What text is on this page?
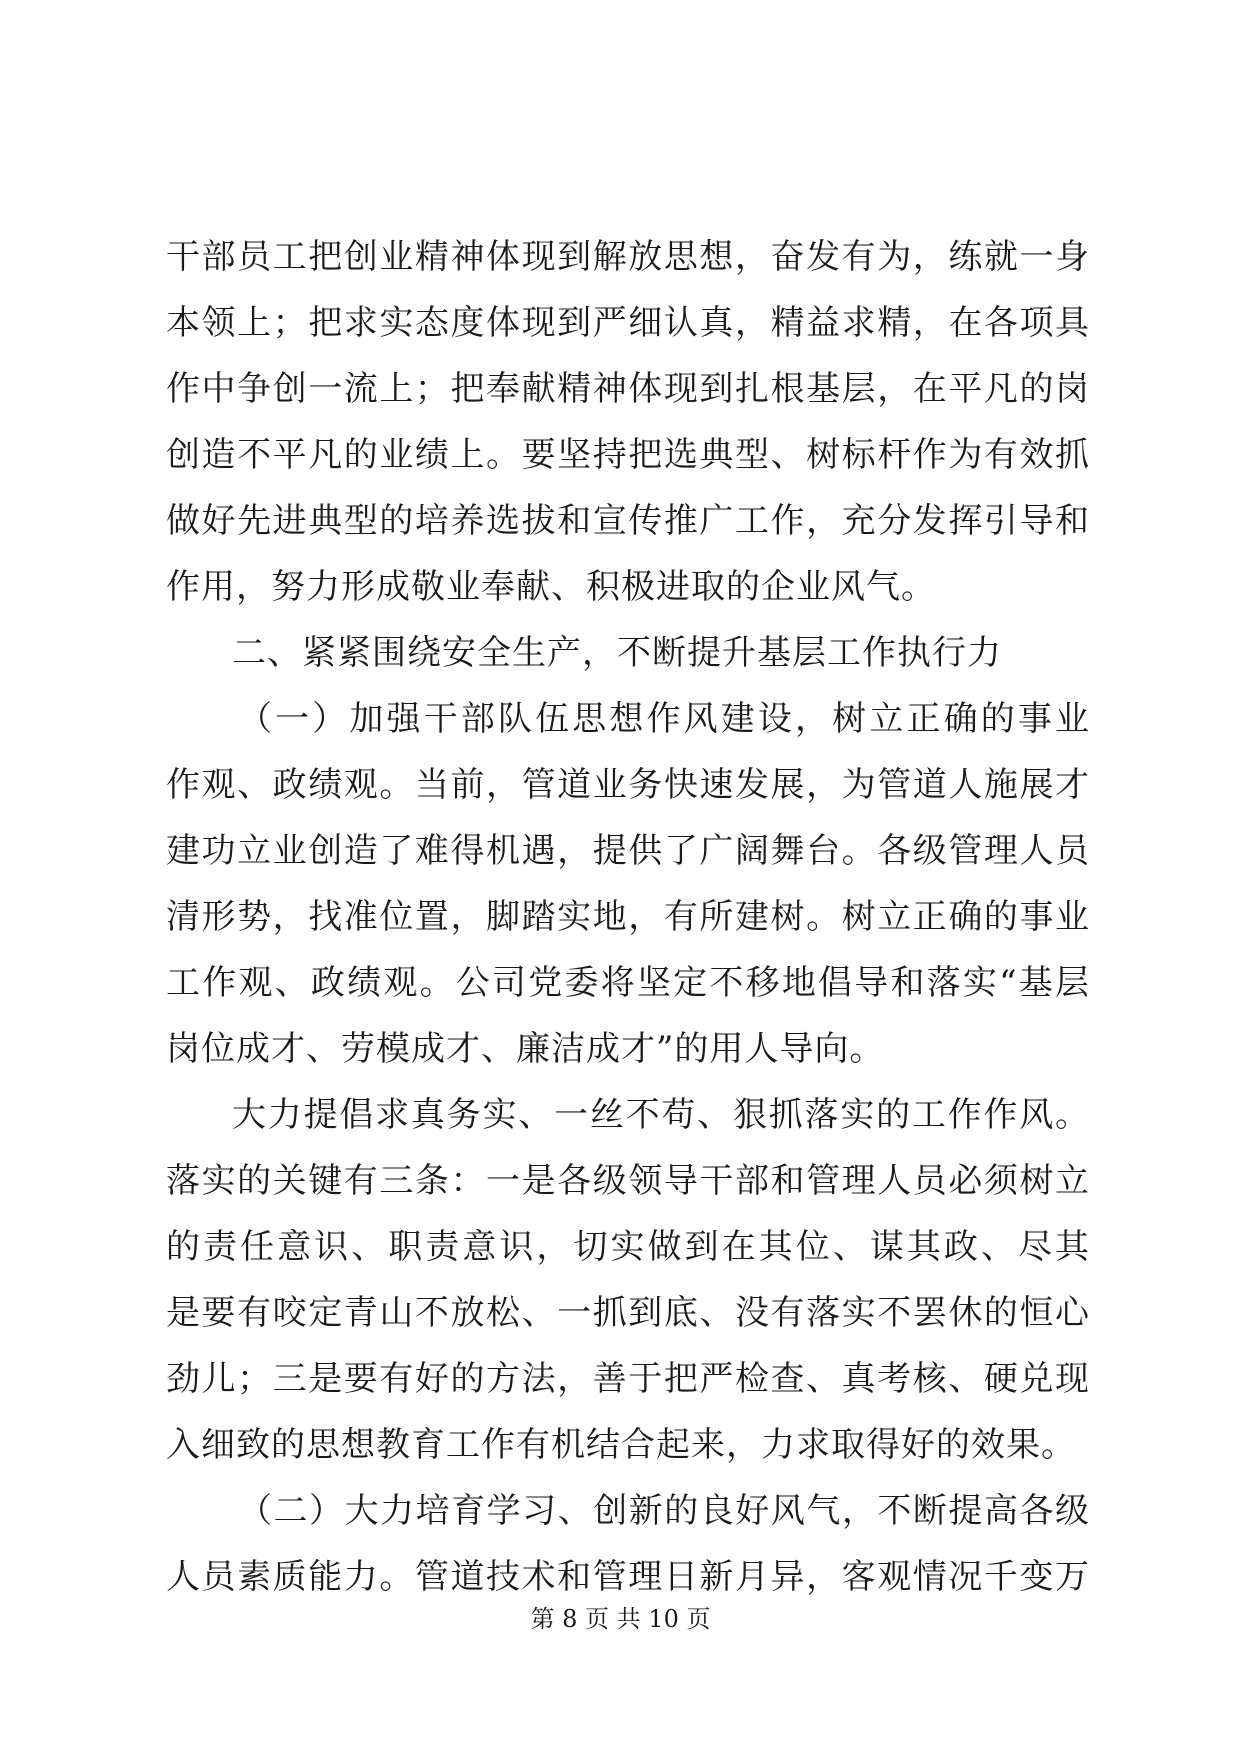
干部员工把创业精神体现到解放思想，奋发有为，练就一身
本领上；把求实态度体现到严细认真，精益求精，在各项具
作中争创一流上；把奉献精神体现到扎根基层，在平凡的岗
创造不平凡的业绩上。要坚持把选典型、树标杆作为有效抓
做好先进典型的培养选拔和宣传推广工作，充分发挥引导和
作用，努力形成敬业奉献、积极进取的企业风气。
二、紧紧围绕安全生产，不断提升基层工作执行力
（一）加强干部队伍思想作风建设，树立正确的事业
作观、政绩观。当前，管道业务快速发展，为管道人施展才
建功立业创造了难得机遇，提供了广阔舞台。各级管理人员
清形势，找准位置，脚踏实地，有所建树。树立正确的事业
工作观、政绩观。公司党委将坚定不移地倡导和落实“基层
岗位成才、劳模成才、廉洁成才”的用人导向。
大力提倡求真务实、一丝不苟、狠抓落实的工作作风。
落实的关键有三条：一是各级领导干部和管理人员必须树立
的责任意识、职责意识，切实做到在其位、谋其政、尽其
是要有咬定青山不放松、一抓到底、没有落实不罢休的恒心
劲儿；三是要有好的方法，善于把严检查、真考核、硬兑现
入细致的思想教育工作有机结合起来，力求取得好的效果。
（二）大力培育学习、创新的良好风气，不断提高各级
人员素质能力。管道技术和管理日新月异，客观情况千变万
第 8 页 共 10 页
